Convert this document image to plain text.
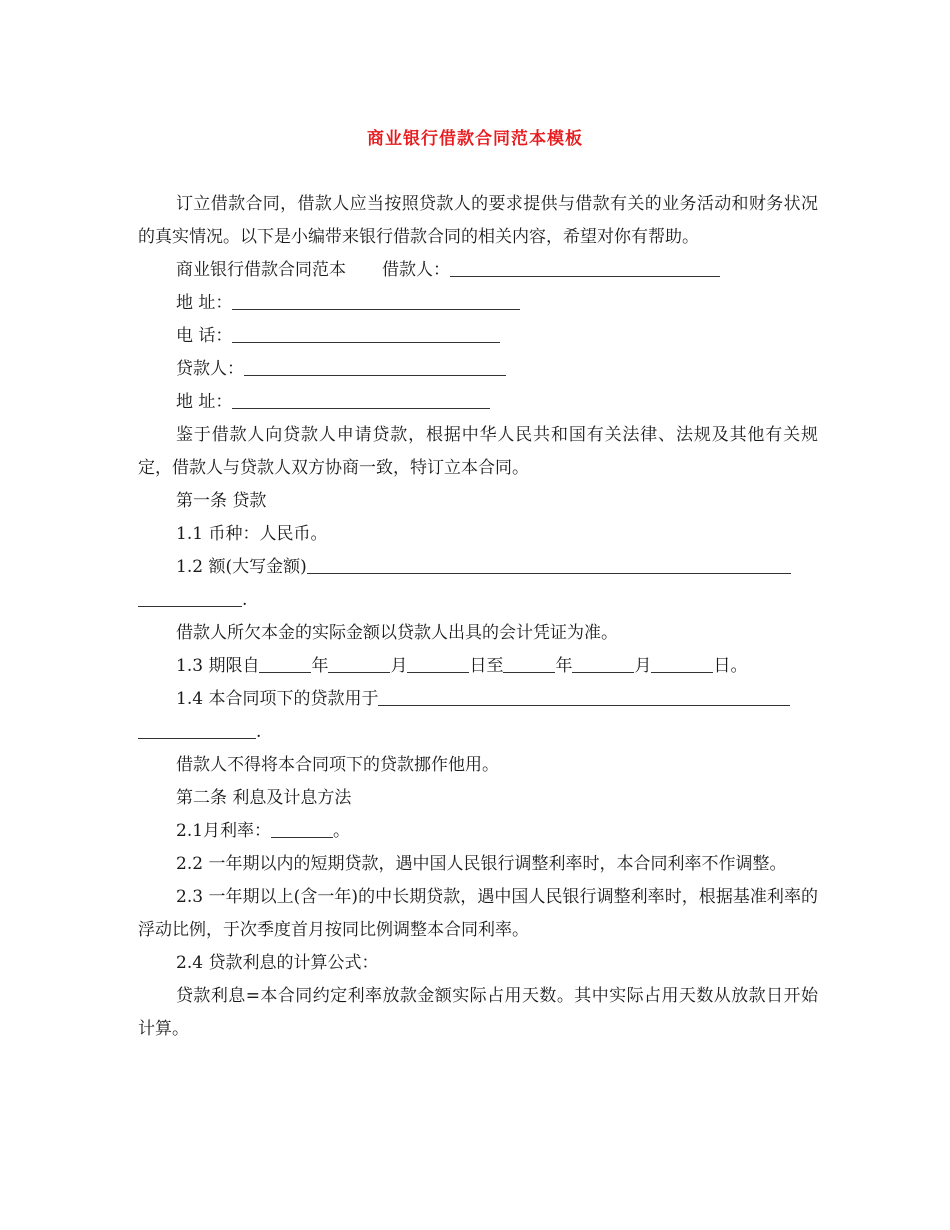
商业银行借款合同范本模板

订立借款合同，借款人应当按照贷款人的要求提供与借款有关的业务活动和财务状况的真实情况。以下是小编带来银行借款合同的相关内容，希望对你有帮助。

商业银行借款合同范本 借款人：

地 址：

电 话：

贷款人：

地 址：

鉴于借款人向贷款人申请贷款，根据中华人民共和国有关法律、法规及其他有关规定，借款人与贷款人双方协商一致，特订立本合同。

第一条 贷款

1.1 币种：人民币。

1.2 额(大写金额)

.

借款人所欠本金的实际金额以贷款人出具的会计凭证为准。

1.3 期限自	年	月	日至	年	月	日。

1.4 本合同项下的贷款用于

.

借款人不得将本合同项下的贷款挪作他用。

第二条 利息及计息方法

2.1月利率：	。

2.2 一年期以内的短期贷款，遇中国人民银行调整利率时，本合同利率不作调整。

2.3 一年期以上(含一年)的中长期贷款，遇中国人民银行调整利率时，根据基准利率的浮动比例，于次季度首月按同比例调整本合同利率。

2.4 贷款利息的计算公式：

贷款利息=本合同约定利率放款金额实际占用天数。其中实际占用天数从放款日开始计算。
